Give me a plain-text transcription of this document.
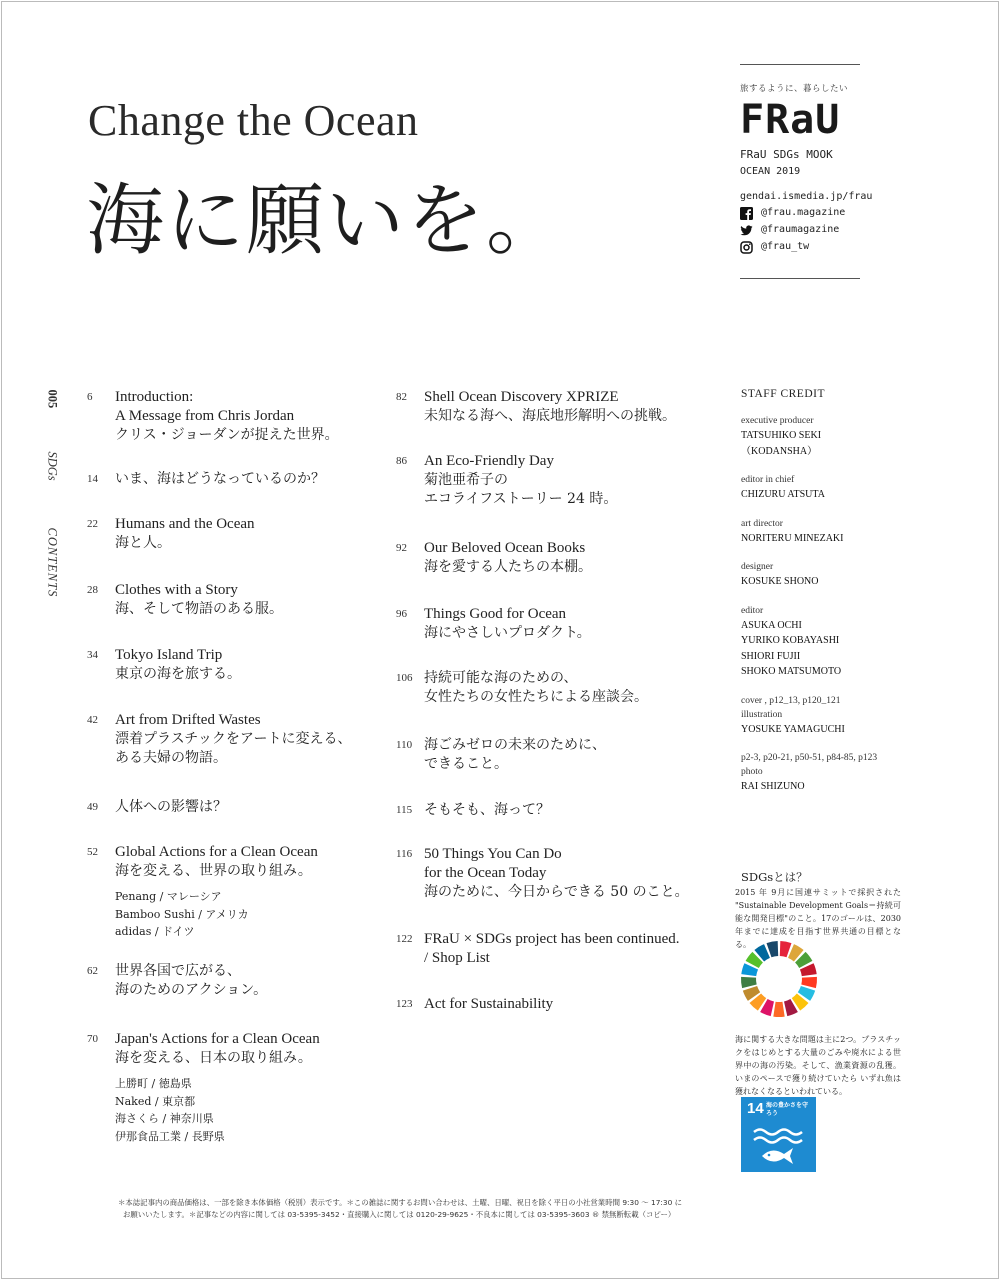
Change the Ocean
海に願いを。
旅するように、暮らしたい
FRaU
FRaU SDGs MOOK
OCEAN 2019
gendai.ismedia.jp/frau
@frau.magazine
@fraumagazine
@frau_tw
005
SDGs
CONTENTS
6	Introduction:
A Message from Chris Jordan
クリス・ジョーダンが捉えた世界。
14	いま、海はどうなっているのか？
22	Humans and the Ocean
海と人。
28	Clothes with a Story
海、そして物語のある服。
34	Tokyo Island Trip
東京の海を旅する。
42	Art from Drifted Wastes
漂着プラスチックをアートに変える、
ある夫婦の物語。
49	人体への影響は？
52	Global Actions for a Clean Ocean
海を変える、世界の取り組み。
Penang / マレーシア
Bamboo Sushi / アメリカ
adidas / ドイツ
62	世界各国で広がる、
海のためのアクション。
70	Japan's Actions for a Clean Ocean
海を変える、日本の取り組み。
上勝町 / 徳島県
Naked / 東京都
海さくら / 神奈川県
伊那食品工業 / 長野県
82	Shell Ocean Discovery XPRIZE
未知なる海へ、海底地形解明への挑戦。
86	An Eco-Friendly Day
菊池亜希子の
エコライフストーリー 24 時。
92	Our Beloved Ocean Books
海を愛する人たちの本棚。
96	Things Good for Ocean
海にやさしいプロダクト。
106 持続可能な海のための、
女性たちの女性たちによる座談会。
110 海ごみゼロの未来のために、
できること。
115 そもそも、海って？
116 50 Things You Can Do
for the Ocean Today
海のために、今日からできる 50 のこと。
122 FRaU × SDGs project has been continued.
/ Shop List
123 Act for Sustainability
STAFF CREDIT
executive producer
TATSUHIKO SEKI
（KODANSHA）
editor in chief
CHIZURU ATSUTA
art director
NORITERU MINEZAKI
designer
KOSUKE SHONO
editor
ASUKA OCHI
YURIKO KOBAYASHI
SHIORI FUJII
SHOKO MATSUMOTO
cover , p12_13, p120_121
illustration
YOSUKE YAMAGUCHI
p2-3, p20-21, p50-51, p84-85, p123
photo
RAI SHIZUNO
SDGsとは？
2015 年 9月に国連サミットで採択された "Sustainable Development Goals＝持続可能な開発目標"のこと。17のゴールは、2030年までに達成を目指す世界共通の目標となる。
海に関する大きな問題は主に2つ。プラスチックをはじめとする大量のごみや廃水による世界中の海の汚染。そして、漁業資源の乱獲。いまのペースで獲り続けていたら いずれ魚は獲れなくなるといわれている。
14 海の豊かさを守ろう
＊本誌記事内の商品価格は、一部を除き本体価格（税別）表示です。＊この雑誌に関するお問い合わせは、土曜、日曜、祝日を除く平日の小社営業時間 9:30 ～ 17:30 に
お願いいたします。＊記事などの内容に関しては 03-5395-3452・直接購入に関しては 0120-29-9625・不良本に関しては 03-5395-3603 ® 禁無断転載（コピー）
